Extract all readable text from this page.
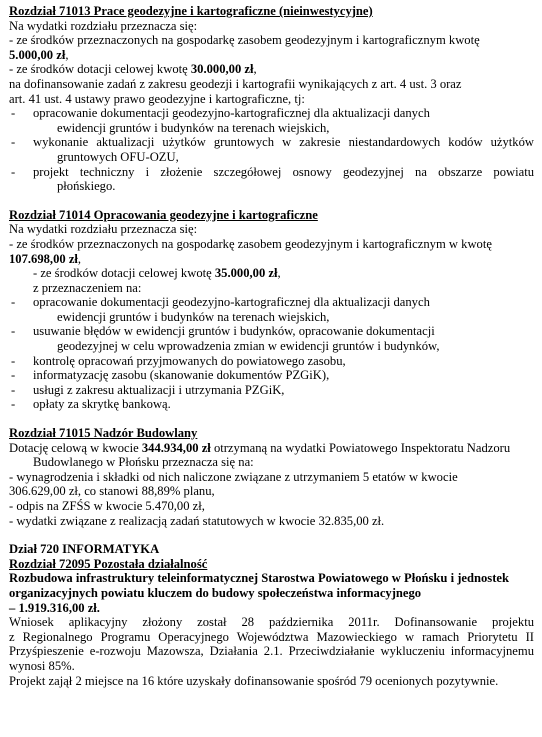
Rozdział 71013 Prace geodezyjne i kartograficzne (nieinwestycyjne)
Na wydatki rozdziału przeznacza się:
- ze środków przeznaczonych na gospodarkę zasobem geodezyjnym i kartograficznym kwotę
5.000,00 zł,
- ze środków dotacji celowej kwotę 30.000,00 zł,
na dofinansowanie zadań z zakresu geodezji i kartografii wynikających z art. 4 ust. 3 oraz
art. 41 ust. 4 ustawy prawo geodezyjne i kartograficzne, tj:
- opracowanie dokumentacji geodezyjno-kartograficznej dla aktualizacji danych
ewidencji gruntów i budynków na terenach wiejskich,
- wykonanie aktualizacji użytków gruntowych w zakresie niestandardowych kodów użytków
gruntowych OFU-OZU,
- projekt techniczny i złożenie szczegółowej osnowy geodezyjnej na obszarze powiatu
płońskiego.
Rozdział 71014 Opracowania geodezyjne i kartograficzne
Na wydatki rozdziału przeznacza się:
- ze środków przeznaczonych na gospodarkę zasobem geodezyjnym i kartograficznym w kwotę
107.698,00 zł,
- ze środków dotacji celowej kwotę 35.000,00 zł,
z przeznaczeniem na:
- opracowanie dokumentacji geodezyjno-kartograficznej dla aktualizacji danych
ewidencji gruntów i budynków na terenach wiejskich,
- usuwanie błędów w ewidencji gruntów i budynków, opracowanie dokumentacji
geodezyjnej w celu wprowadzenia zmian w ewidencji gruntów i budynków,
- kontrolę opracowań przyjmowanych do powiatowego zasobu,
- informatyzację zasobu (skanowanie dokumentów PZGiK),
- usługi z zakresu aktualizacji i utrzymania PZGiK,
- opłaty za skrytkę bankową.
Rozdział 71015 Nadzór Budowlany
Dotację celową w kwocie 344.934,00 zł otrzymaną na wydatki Powiatowego Inspektoratu Nadzoru
Budowlanego w Płońsku przeznacza się na:
- wynagrodzenia i składki od nich naliczone związane z utrzymaniem 5 etatów w kwocie
306.629,00 zł, co stanowi 88,89% planu,
- odpis na ZFŚS w kwocie 5.470,00 zł,
- wydatki związane z realizacją zadań statutowych w kwocie 32.835,00 zł.
Dział 720 INFORMATYKA
Rozdział 72095 Pozostała działalność
Rozbudowa infrastruktury teleinformatycznej Starostwa Powiatowego w Płońsku i jednostek
organizacyjnych powiatu kluczem do budowy społeczeństwa informacyjnego
– 1.919.316,00 zł.
Wniosek aplikacyjny złożony został 28 października 2011r. Dofinansowanie projektu
z Regionalnego Programu Operacyjnego Województwa Mazowieckiego w ramach Priorytetu II
Przyśpieszenie e-rozwoju Mazowsza, Działania 2.1. Przeciwdziałanie wykluczeniu informacyjnemu
wynosi 85%.
Projekt zajął 2 miejsce na 16 które uzyskały dofinansowanie spośród 79 ocenionych pozytywnie.
